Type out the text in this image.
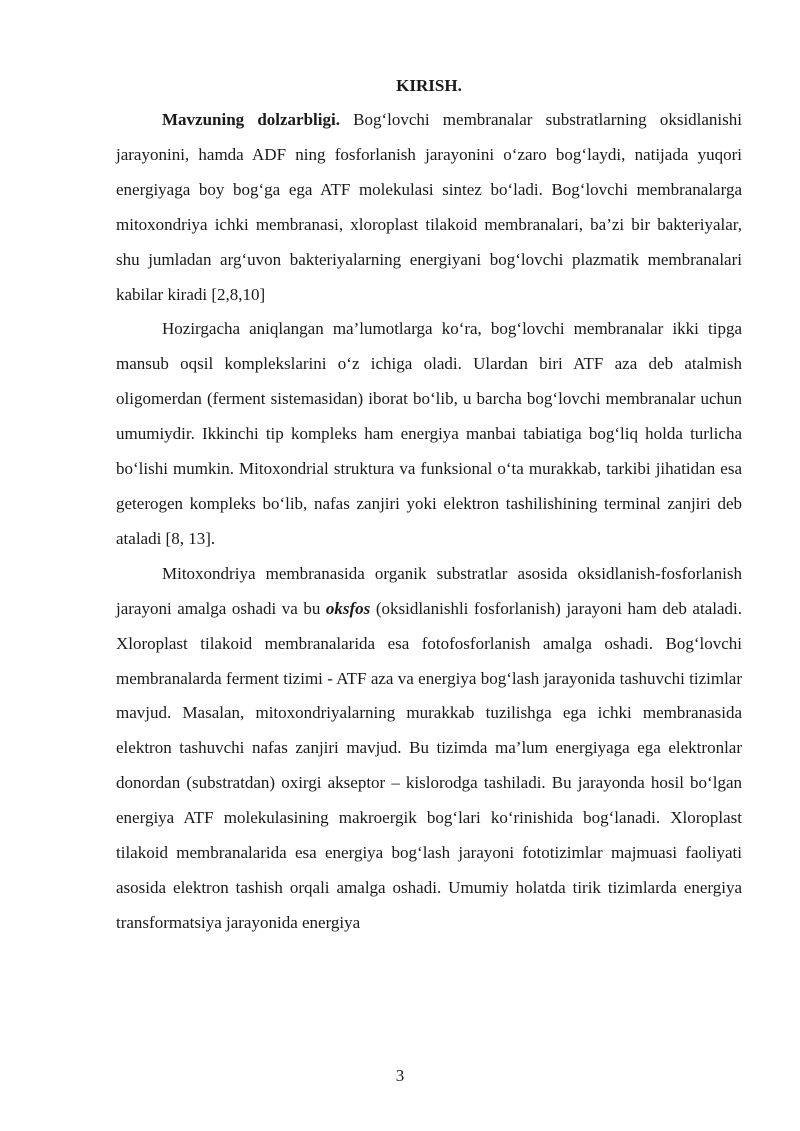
KIRISH.

Mavzuning dolzarbligi. Bog‘lovchi membranalar substratlarning oksidlanishi jarayonini, hamda ADF ning fosforlanish jarayonini o‘zaro bog‘laydi, natijada yuqori energiyaga boy bog‘ga ega ATF molekulasi sintez bo‘ladi. Bog‘lovchi membranalarga mitoxondriya ichki membranasi, xloroplast tilakoid membranalari, ba’zi bir bakteriyalar, shu jumladan arg‘uvon bakteriyalarning energiyani bog‘lovchi plazmatik membranalari kabilar kiradi [2,8,10]

Hozirgacha aniqlangan ma’lumotlarga ko‘ra, bog‘lovchi membranalar ikki tipga mansub oqsil komplekslarini o‘z ichiga oladi. Ulardan biri ATF aza deb atalmish oligomerdan (ferment sistemasidan) iborat bo‘lib, u barcha bog‘lovchi membranalar uchun umumiydir. Ikkinchi tip kompleks ham energiya manbai tabiatiga bog‘liq holda turlicha bo‘lishi mumkin. Mitoxondrial struktura va funksional o‘ta murakkab, tarkibi jihatidan esa geterogen kompleks bo‘lib, nafas zanjiri yoki elektron tashilishining terminal zanjiri deb ataladi [8, 13].

Mitoxondriya membranasida organik substratlar asosida oksidlanish-fosforlanish jarayoni amalga oshadi va bu oksfos (oksidlanishli fosforlanish) jarayoni ham deb ataladi. Xloroplast tilakoid membranalarida esa fotofosforlanish amalga oshadi. Bog‘lovchi membranalarda ferment tizimi - ATF aza va energiya bog‘lash jarayonida tashuvchi tizimlar mavjud. Masalan, mitoxondriyalarning murakkab tuzilishga ega ichki membranasida elektron tashuvchi nafas zanjiri mavjud. Bu tizimda ma’lum energiyaga ega elektronlar donordan (substratdan) oxirgi akseptor – kislorodga tashiladi. Bu jarayonda hosil bo‘lgan energiya ATF molekulasining makroergik bog‘lari ko‘rinishida bog‘lanadi. Xloroplast tilakoid membranalarida esa energiya bog‘lash jarayoni fototizimlar majmuasi faoliyati asosida elektron tashish orqali amalga oshadi. Umumiy holatda tirik tizimlarda energiya transformatsiya jarayonida energiya

3
